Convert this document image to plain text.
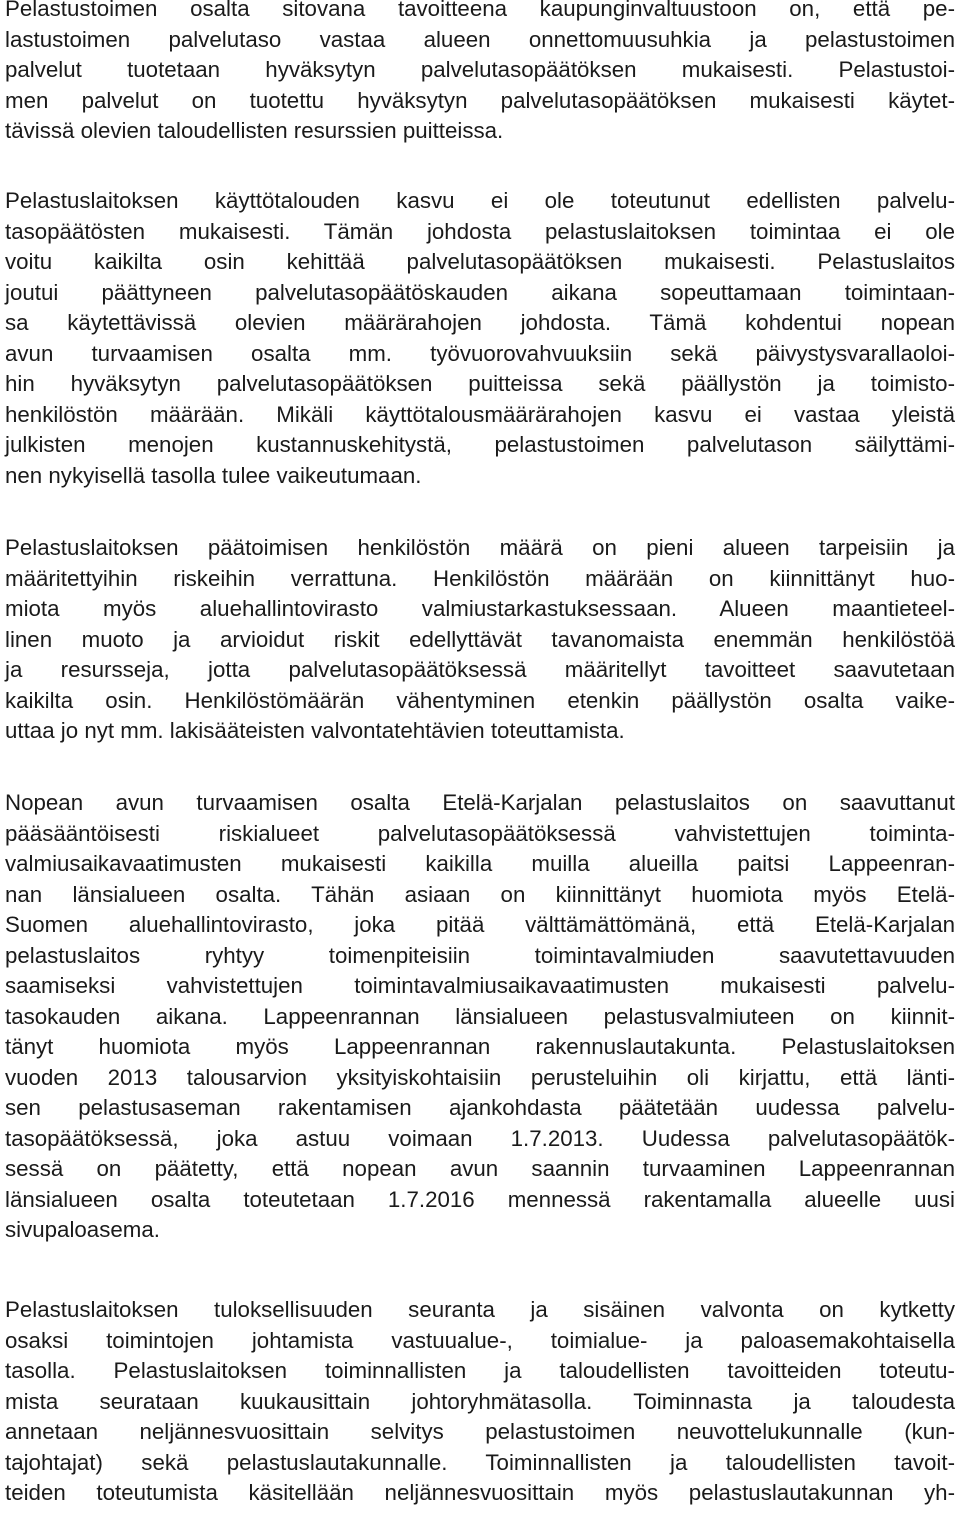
Pelastustoimen osalta sitovana tavoitteena kaupunginvaltuustoon on, että pe-
lastustoimen palvelutaso vastaa alueen onnettomuusuhkia ja pelastustoimen
palvelut tuotetaan hyväksytyn palvelutasopäätöksen mukaisesti. Pelastustoi-
men palvelut on tuotettu hyväksytyn palvelutasopäätöksen mukaisesti käytet-
tävissä olevien taloudellisten resurssien puitteissa.
Pelastuslaitoksen käyttötalouden kasvu ei ole toteutunut edellisten palvelu-
tasopäätösten mukaisesti. Tämän johdosta pelastuslaitoksen toimintaa ei ole
voitu kaikilta osin kehittää palvelutasopäätöksen mukaisesti. Pelastuslaitos
joutui päättyneen palvelutasopäätöskauden aikana sopeuttamaan toimintaan-
sa käytettävissä olevien määrärahojen johdosta. Tämä kohdentui nopean
avun turvaamisen osalta mm. työvuorovahvuuksiin sekä päivystysvarallaoloi-
hin hyväksytyn palvelutasopäätöksen puitteissa sekä päällystön ja toimisto-
henkilöstön määrään. Mikäli käyttötalousmäärärahojen kasvu ei vastaa yleistä
julkisten menojen kustannuskehitystä, pelastustoimen palvelutason säilyttämi-
nen nykyisellä tasolla tulee vaikeutumaan.
Pelastuslaitoksen päätoimisen henkilöstön määrä on pieni alueen tarpeisiin ja
määritettyihin riskeihin verrattuna. Henkilöstön määrään on kiinnittänyt huo-
miota myös aluehallintovirasto valmiustarkastuksessaan. Alueen maantieteel-
linen muoto ja arvioidut riskit edellyttävät tavanomaista enemmän henkilöstöä
ja resursseja, jotta palvelutasopäätöksessä määritellyt tavoitteet saavutetaan
kaikilta osin. Henkilöstömäärän vähentyminen etenkin päällystön osalta vaike-
uttaa jo nyt mm. lakisääteisten valvontatehtävien toteuttamista.
Nopean avun turvaamisen osalta Etelä-Karjalan pelastuslaitos on saavuttanut
pääsääntöisesti riskialueet palvelutasopäätöksessä vahvistettujen toiminta-
valmiusaikavaatimusten mukaisesti kaikilla muilla alueilla paitsi Lappeenran-
nan länsialueen osalta. Tähän asiaan on kiinnittänyt huomiota myös Etelä-
Suomen aluehallintovirasto, joka pitää välttämättömänä, että Etelä-Karjalan
pelastuslaitos ryhtyy toimenpiteisiin toimintavalmiuden saavutettavuuden
saamiseksi vahvistettujen toimintavalmiusaikavaatimusten mukaisesti palvelu-
tasokauden aikana. Lappeenrannan länsialueen pelastusvalmiuteen on kiinnit-
tänyt huomiota myös Lappeenrannan rakennuslautakunta. Pelastuslaitoksen
vuoden 2013 talousarvion yksityiskohtaisiin perusteluihin oli kirjattu, että länti-
sen pelastusaseman rakentamisen ajankohdasta päätetään uudessa palvelu-
tasopäätöksessä, joka astuu voimaan 1.7.2013. Uudessa palvelutasopäätök-
sessä on päätetty, että nopean avun saannin turvaaminen Lappeenrannan
länsialueen osalta toteutetaan 1.7.2016 mennessä rakentamalla alueelle uusi
sivupaloasema.
Pelastuslaitoksen tuloksellisuuden seuranta ja sisäinen valvonta on kytketty
osaksi toimintojen johtamista vastuualue-, toimialue- ja paloasemakohtaisella
tasolla. Pelastuslaitoksen toiminnallisten ja taloudellisten tavoitteiden toteutu-
mista seurataan kuukausittain johtoryhmätasolla. Toiminnasta ja taloudesta
annetaan neljännesvuosittain selvitys pelastustoimen neuvottelukunnalle (kun-
tajohtajat) sekä pelastuslautakunnalle. Toiminnallisten ja taloudellisten tavoit-
teiden toteutumista käsitellään neljännesvuosittain myös pelastuslautakunnan yh-
